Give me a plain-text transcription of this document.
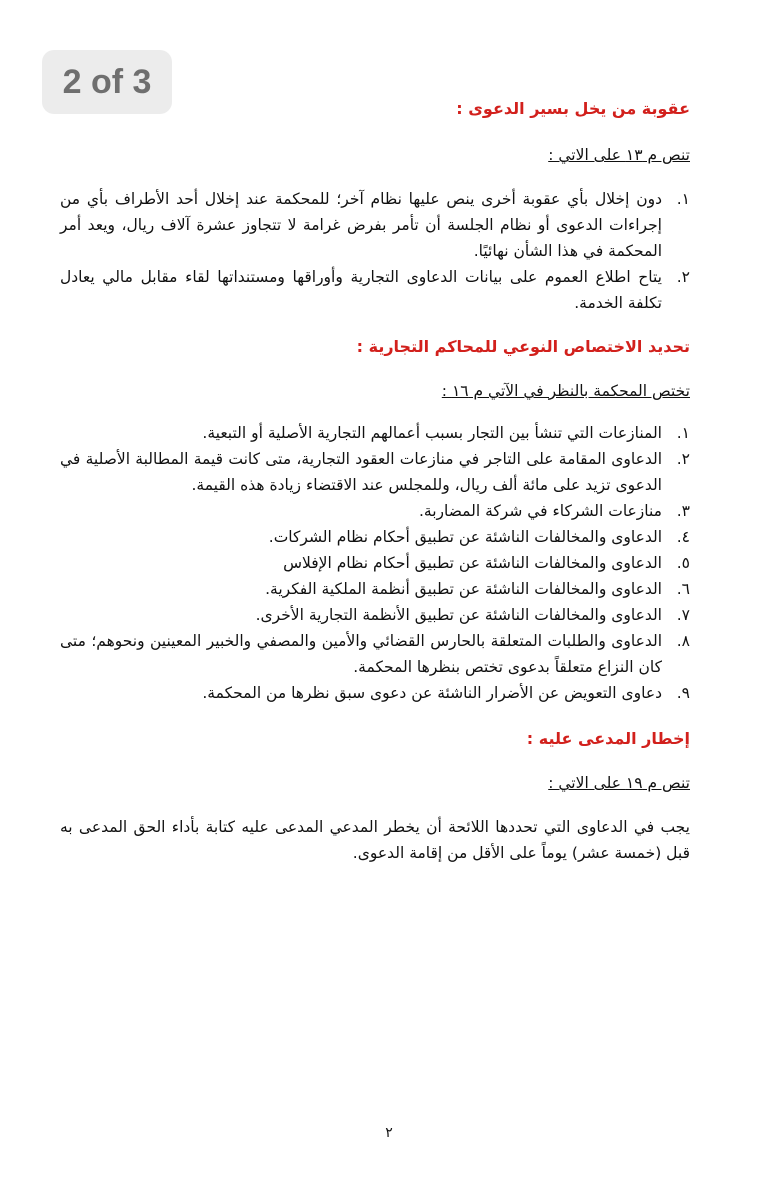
2 of 3

عقوبة من يخل بسير الدعوى :

تنص م ١٣ على الاتي :

١.
دون إخلال بأي عقوبة أخرى ينص عليها نظام آخر؛ للمحكمة عند إخلال أحد الأطراف بأي من إجراءات الدعوى أو نظام الجلسة أن تأمر بفرض غرامة لا تتجاوز عشرة آلاف ريال، ويعد أمر المحكمة في هذا الشأن نهائيًا.
٢.
يتاح اطلاع العموم على بيانات الدعاوى التجارية وأوراقها ومستنداتها لقاء مقابل مالي يعادل تكلفة الخدمة.

تحديد الاختصاص النوعي للمحاكم التجارية :

تختص المحكمة بالنظر في الآتي م ١٦ :

١.
المنازعات التي تنشأ بين التجار بسبب أعمالهم التجارية الأصلية أو التبعية.
٢.
الدعاوى المقامة على التاجر في منازعات العقود التجارية، متى كانت قيمة المطالبة الأصلية في الدعوى تزيد على مائة ألف ريال، وللمجلس عند الاقتضاء زيادة هذه القيمة.
٣.
منازعات الشركاء في شركة المضاربة.
٤.
الدعاوى والمخالفات الناشئة عن تطبيق أحكام نظام الشركات.
٥.
الدعاوى والمخالفات الناشئة عن تطبيق أحكام نظام الإفلاس
٦.
الدعاوى والمخالفات الناشئة عن تطبيق أنظمة الملكية الفكرية.
٧.
الدعاوى والمخالفات الناشئة عن تطبيق الأنظمة التجارية الأخرى.
٨.
الدعاوى والطلبات المتعلقة بالحارس القضائي والأمين والمصفي والخبير المعينين ونحوهم؛ متى كان النزاع متعلقاً بدعوى تختص بنظرها المحكمة.
٩.
دعاوى التعويض عن الأضرار الناشئة عن دعوى سبق نظرها من المحكمة.

إخطار المدعى عليه :

تنص م ١٩ على الاتي :

يجب في الدعاوى التي تحددها اللائحة أن يخطر المدعي المدعى عليه كتابة بأداء الحق المدعى به قبل (خمسة عشر) يوماً على الأقل من إقامة الدعوى.

٢
